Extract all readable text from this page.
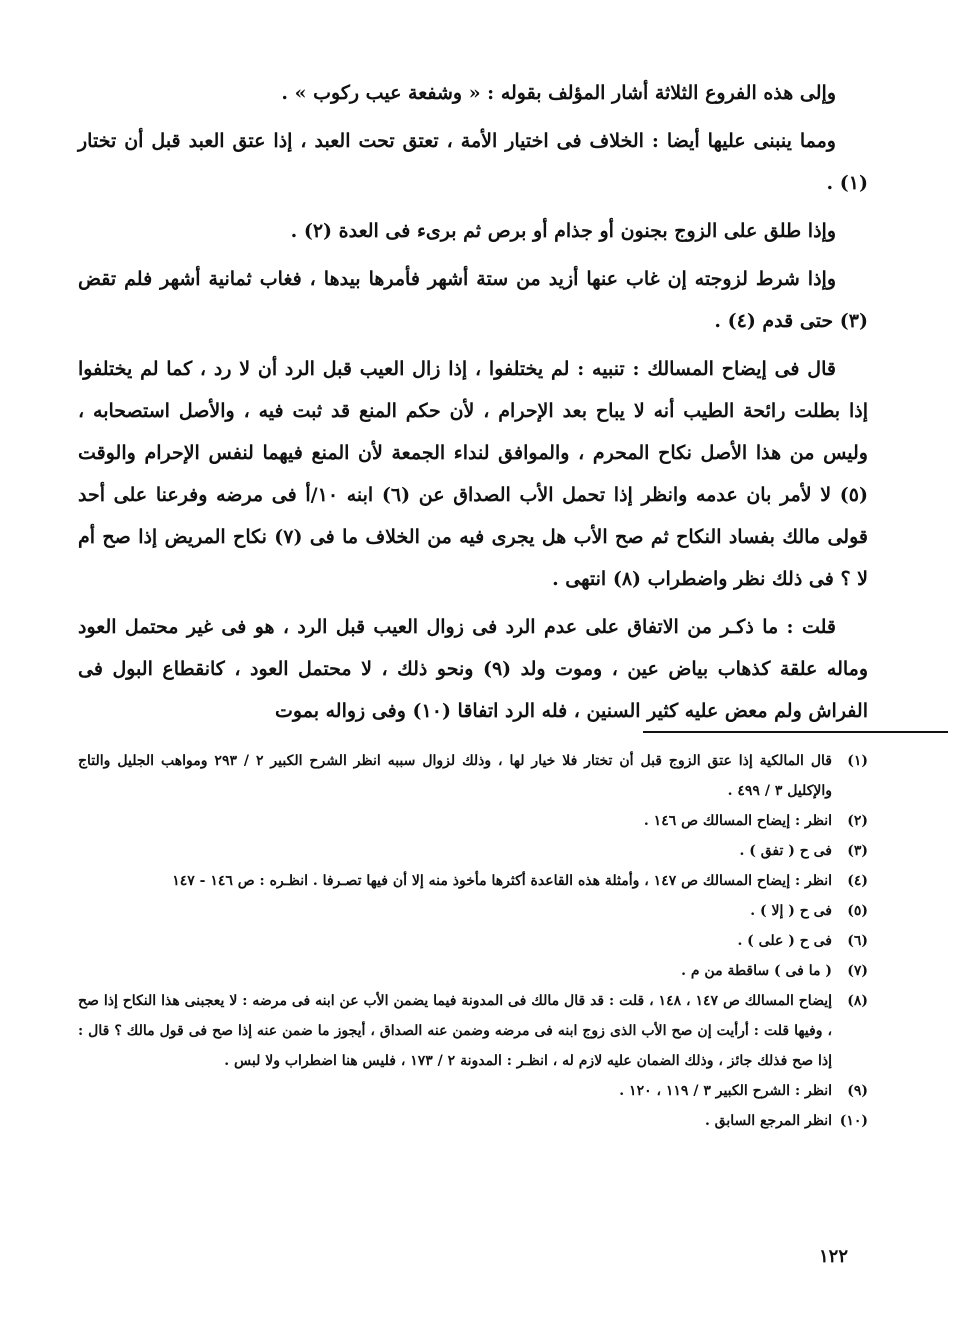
وإلى هذه الفروع الثلاثة أشار المؤلف بقوله : « وشفعة عيب ركوب » .

ومما ينبنى عليها أيضا : الخلاف فى اختيار الأمة ، تعتق تحت العبد ، إذا عتق العبد قبل أن تختار (١) .

وإذا طلق على الزوج بجنون أو جذام أو برص ثم برىء فى العدة (٢) .

وإذا شرط لزوجته إن غاب عنها أزيد من ستة أشهر فأمرها بيدها ، فغاب ثمانية أشهر فلم تقض (٣) حتى قدم (٤) .

قال فى إيضاح المسالك : تنبيه : لم يختلفوا ، إذا زال العيب قبل الرد أن لا رد ، كما لم يختلفوا إذا بطلت رائحة الطيب أنه لا يباح بعد الإحرام ، لأن حكم المنع قد ثبت فيه ، والأصل استصحابه ، وليس من هذا الأصل نكاح المحرم ، والموافق لنداء الجمعة لأن المنع فيهما لنفس الإحرام والوقت (٥) لا لأمر بان عدمه وانظر إذا تحمل الأب الصداق عن (٦) ابنه ١٠/أ فى مرضه وفرعنا على أحد قولى مالك بفساد النكاح ثم صح الأب هل يجرى فيه من الخلاف ما فى (٧) نكاح المريض إذا صح أم لا ؟ فى ذلك نظر واضطراب (٨) انتهى .

قلت : ما ذكـر من الاتفاق على عدم الرد فى زوال العيب قبل الرد ، هو فى غير محتمل العود وماله علقة كذهاب بياض عين ، وموت ولد (٩) ونحو ذلك ، لا محتمل العود ، كانقطاع البول فى الفراش ولم معض عليه كثير السنين ، فله الرد اتفاقا (١٠) وفى زواله بموت

(١)
قال المالكية إذا عتق الزوج قبل أن تختار فلا خيار لها ، وذلك لزوال سببه انظر الشرح الكبير ٢ / ٢٩٣ ومواهب الجليل والتاج والإكليل ٣ / ٤٩٩ .

(٢)
انظر : إيضاح المسالك ص ١٤٦ .

(٣)
فى ح ( تفق ) .

(٤)
انظر : إيضاح المسالك ص ١٤٧ ، وأمثلة هذه القاعدة أكثرها مأخوذ منه إلا أن فيها تصـرفا . انظـره : ص ١٤٦ - ١٤٧

(٥)
فى ح ( إلا ) .

(٦)
فى ح ( على ) .

(٧)
( ما فى ) ساقطة من م .

(٨)
إيضاح المسالك ص ١٤٧ ، ١٤٨ ، قلت : قد قال مالك فى المدونة فيما يضمن الأب عن ابنه فى مرضه : لا يعجبنى هذا النكاح إذا صح ، وفيها قلت : أرأيت إن صح الأب الذى زوج ابنه فى مرضه وضمن عنه الصداق ، أيجوز ما ضمن عنه إذا صح فى قول مالك ؟ قال : إذا صح فذلك جائز ، وذلك الضمان عليه لازم له ، انظـر : المدونة ٢ / ١٧٣ ، فليس هنا اضطراب ولا لبس .

(٩)
انظر : الشرح الكبير ٣ / ١١٩ ، ١٢٠ .

(١٠)
انظر المرجع السابق .

١٢٢
